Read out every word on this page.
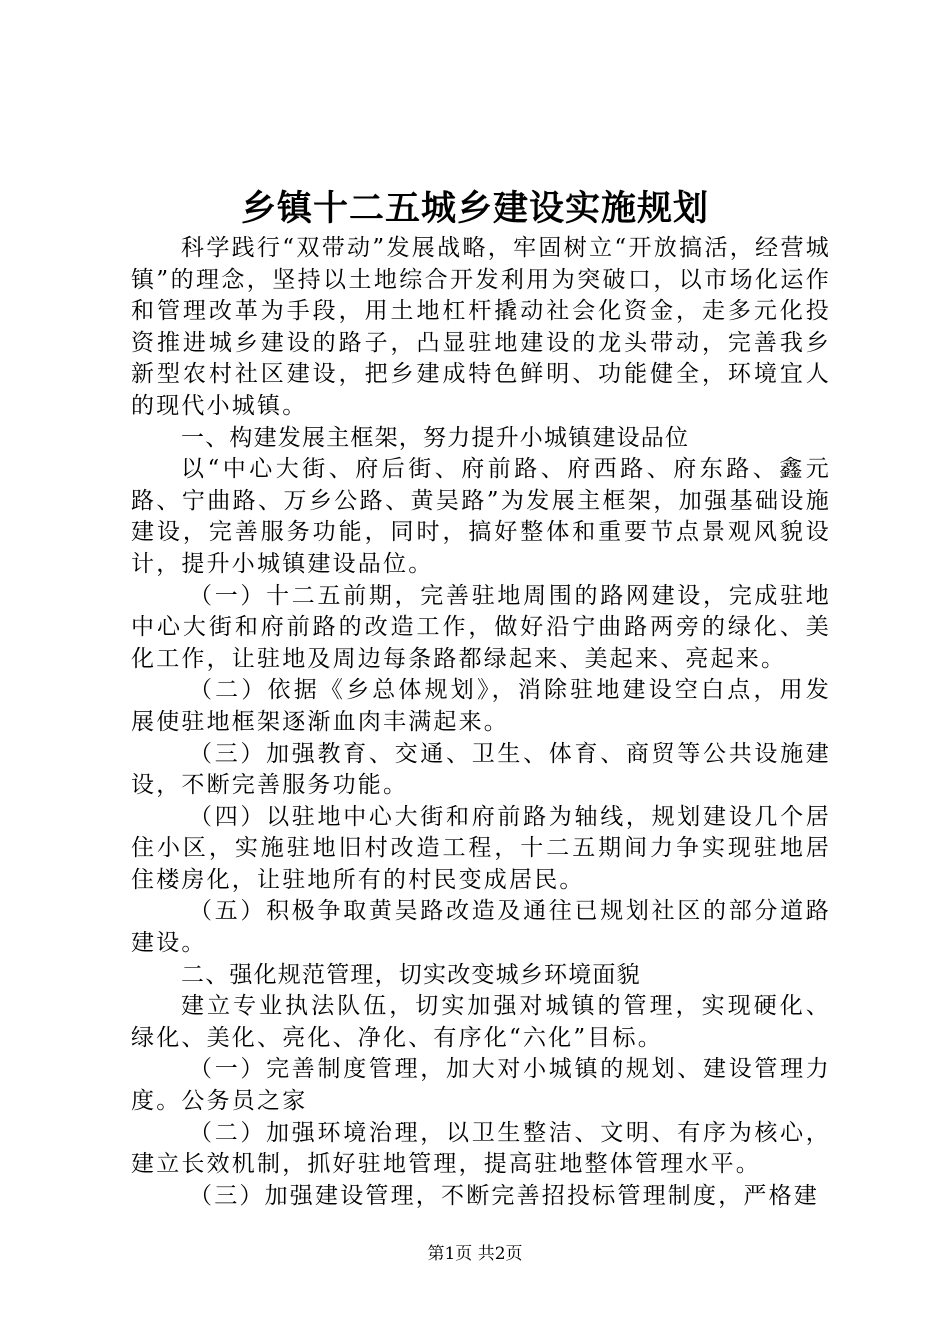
乡镇十二五城乡建设实施规划

科学践行“双带动”发展战略，牢固树立“开放搞活，经营城镇”的理念，坚持以土地综合开发利用为突破口，以市场化运作和管理改革为手段，用土地杠杆撬动社会化资金，走多元化投资推进城乡建设的路子，凸显驻地建设的龙头带动，完善我乡新型农村社区建设，把乡建成特色鲜明、功能健全，环境宜人的现代小城镇。

一、构建发展主框架，努力提升小城镇建设品位

以“中心大街、府后街、府前路、府西路、府东路、鑫元路、宁曲路、万乡公路、黄吴路”为发展主框架，加强基础设施建设，完善服务功能，同时，搞好整体和重要节点景观风貌设计，提升小城镇建设品位。

（一）十二五前期，完善驻地周围的路网建设，完成驻地中心大街和府前路的改造工作，做好沿宁曲路两旁的绿化、美化工作，让驻地及周边每条路都绿起来、美起来、亮起来。

（二）依据《乡总体规划》，消除驻地建设空白点，用发展使驻地框架逐渐血肉丰满起来。

（三）加强教育、交通、卫生、体育、商贸等公共设施建设，不断完善服务功能。

（四）以驻地中心大街和府前路为轴线，规划建设几个居住小区，实施驻地旧村改造工程，十二五期间力争实现驻地居住楼房化，让驻地所有的村民变成居民。

（五）积极争取黄吴路改造及通往已规划社区的部分道路建设。

二、强化规范管理，切实改变城乡环境面貌

建立专业执法队伍，切实加强对城镇的管理，实现硬化、绿化、美化、亮化、净化、有序化“六化”目标。

（一）完善制度管理，加大对小城镇的规划、建设管理力度。公务员之家

（二）加强环境治理，以卫生整洁、文明、有序为核心，建立长效机制，抓好驻地管理，提高驻地整体管理水平。

（三）加强建设管理，不断完善招投标管理制度，严格建

第1页 共2页
